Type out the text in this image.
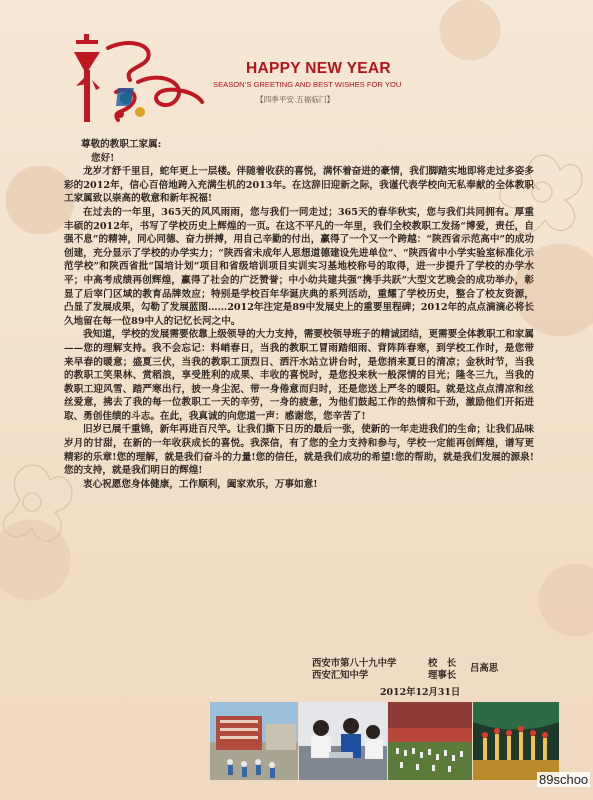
HAPPY NEW YEAR
SEASON’S GREETING AND BEST WISHES FOR YOU
【四季平安.五福临门】

尊敬的教职工家属:

您好!

龙岁才舒千里目，蛇年更上一层楼。伴随着收获的喜悦，满怀着奋进的豪情，我们脚踏实地即将走过多姿多彩的2012年，信心百倍地跨入充满生机的2013年。在这辞旧迎新之际，我谨代表学校向无私奉献的全体教职工家属致以崇高的敬意和新年祝福!

在过去的一年里，365天的风风雨雨，您与我们一同走过；365天的春华秋实，您与我们共同拥有。厚重丰硕的2012年，书写了学校历史上辉煌的一页。在这不平凡的一年里，我们全校教职工发扬“博爱，责任，自强不息”的精神，同心同德、奋力拼搏，用自己辛勤的付出，赢得了一个又一个跨越：“陕西省示范高中”的成功创建，充分显示了学校的办学实力；“陕西省未成年人思想道德建设先进单位”、“陕西省中小学实验室标准化示范学校”和陕西省批“国培计划”项目和省级培训项目实训实习基地校称号的取得，进一步提升了学校的办学水平；中高考成绩再创辉煌，赢得了社会的广泛赞誉；中小幼共建共强“携手共跃”大型文艺晚会的成功举办，彰显了后宰门区域的教育品牌效应；特别是学校百年华诞庆典的系列活动，重耀了学校历史，整合了校友资源，凸显了发展成果，勾勒了发展蓝图……2012年注定是89中发展史上的重要里程碑；2012年的点点滴滴必将长久地留在每一位89中人的记忆长河之中。

我知道，学校的发展需要依靠上级领导的大力支持，需要校领导班子的精诚团结，更需要全体教职工和家属——您的理解支持。我不会忘记：料峭春日，当我的教职工冒雨踏细雨、背阵阵春寒，到学校工作时，是您带来早春的暖意；盛夏三伏，当我的教职工顶烈日、洒汗水站立讲台时，是您捎来夏日的清凉；金秋时节，当我的教职工笑果林、赏稻浪，享受胜利的成果、丰收的喜悦时，是您投来秋一般深情的目光；隆冬三九，当我的教职工迎风雪、踏严寒出行，披一身尘泥、带一身倦意而归时，还是您送上严冬的暖阳。就是这点点清凉和丝丝爱意，拂去了我的每一位教职工一天的辛劳，一身的疲惫，为他们鼓起工作的热情和干劲，激励他们开拓进取、勇创佳绩的斗志。在此，我真诚的向您道一声：感谢您，您辛苦了!

旧岁已展千重锦，新年再进百尺竿。让我们撕下日历的最后一张，使新的一年走进我们的生命；让我们品味岁月的甘甜，在新的一年收获成长的喜悦。我深信，有了您的全力支持和参与，学校一定能再创辉煌，谱写更精彩的乐章!您的理解，就是我们奋斗的力量!您的信任，就是我们成功的希望!您的帮助，就是我们发展的源泉!您的支持，就是我们明日的辉煌!

衷心祝愿您身体健康，工作顺利，阖家欢乐，万事如意!

西安市第八十九中学	校　长 吕高思
西安汇知中学	理事长
2012年12月31日
89schoo
